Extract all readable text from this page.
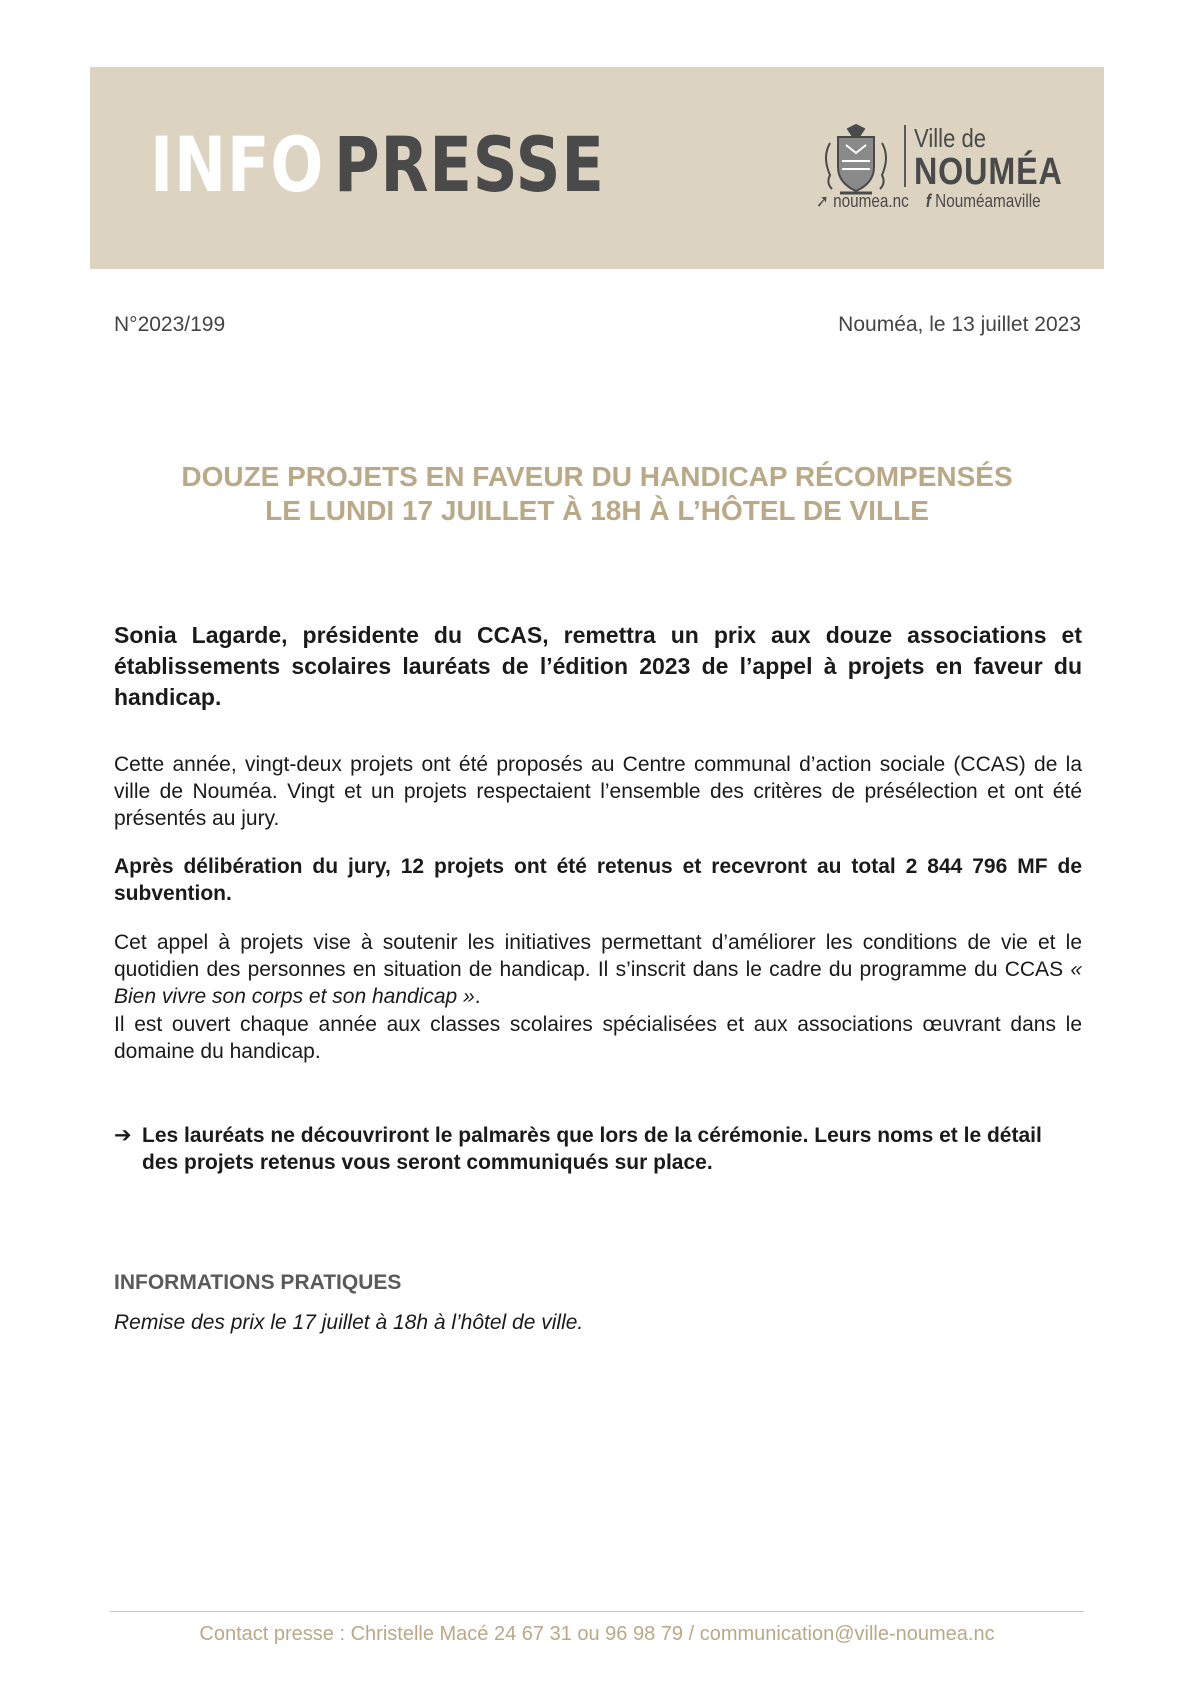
INFO PRESSE	Ville de
NOUMÉA
➚ noumea.nc f Nouméamaville
N°2023/199	Nouméa, le 13 juillet 2023
DOUZE PROJETS EN FAVEUR DU HANDICAP RÉCOMPENSÉS
LE LUNDI 17 JUILLET À 18H À L’HÔTEL DE VILLE
Sonia Lagarde, présidente du CCAS, remettra un prix aux douze associations et établissements scolaires lauréats de l’édition 2023 de l’appel à projets en faveur du handicap.
Cette année, vingt-deux projets ont été proposés au Centre communal d’action sociale (CCAS) de la ville de Nouméa. Vingt et un projets respectaient l’ensemble des critères de présélection et ont été présentés au jury.
Après délibération du jury, 12 projets ont été retenus et recevront au total 2 844 796 MF de subvention.
Cet appel à projets vise à soutenir les initiatives permettant d’améliorer les conditions de vie et le quotidien des personnes en situation de handicap. Il s’inscrit dans le cadre du programme du CCAS « Bien vivre son corps et son handicap ».
Il est ouvert chaque année aux classes scolaires spécialisées et aux associations œuvrant dans le domaine du handicap.
➔ Les lauréats ne découvriront le palmarès que lors de la cérémonie. Leurs noms et le détail des projets retenus vous seront communiqués sur place.
INFORMATIONS PRATIQUES
Remise des prix le 17 juillet à 18h à l’hôtel de ville.
Contact presse : Christelle Macé 24 67 31 ou 96 98 79 / communication@ville-noumea.nc
